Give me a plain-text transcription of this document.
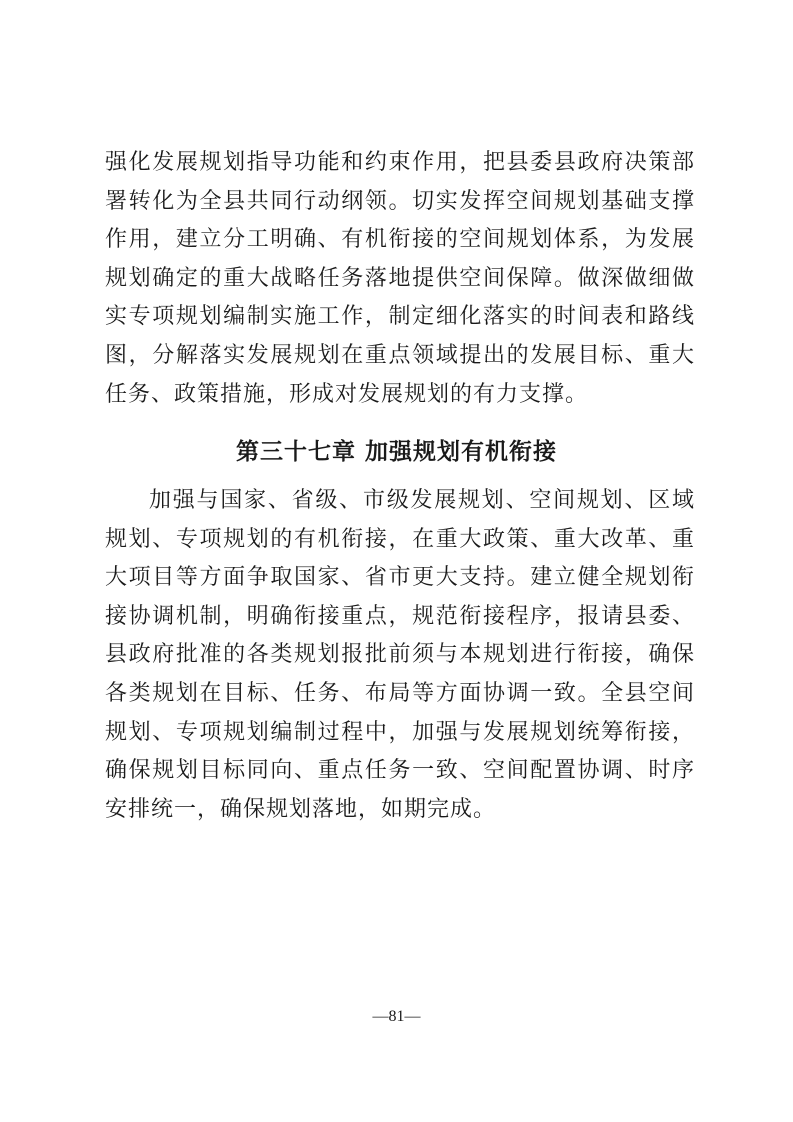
强化发展规划指导功能和约束作用，把县委县政府决策部署转化为全县共同行动纲领。切实发挥空间规划基础支撑作用，建立分工明确、有机衔接的空间规划体系，为发展规划确定的重大战略任务落地提供空间保障。做深做细做实专项规划编制实施工作，制定细化落实的时间表和路线图，分解落实发展规划在重点领域提出的发展目标、重大任务、政策措施，形成对发展规划的有力支撑。

第三十七章 加强规划有机衔接

加强与国家、省级、市级发展规划、空间规划、区域规划、专项规划的有机衔接，在重大政策、重大改革、重大项目等方面争取国家、省市更大支持。建立健全规划衔接协调机制，明确衔接重点，规范衔接程序，报请县委、县政府批准的各类规划报批前须与本规划进行衔接，确保各类规划在目标、任务、布局等方面协调一致。全县空间规划、专项规划编制过程中，加强与发展规划统筹衔接，确保规划目标同向、重点任务一致、空间配置协调、时序安排统一，确保规划落地，如期完成。

—81—
